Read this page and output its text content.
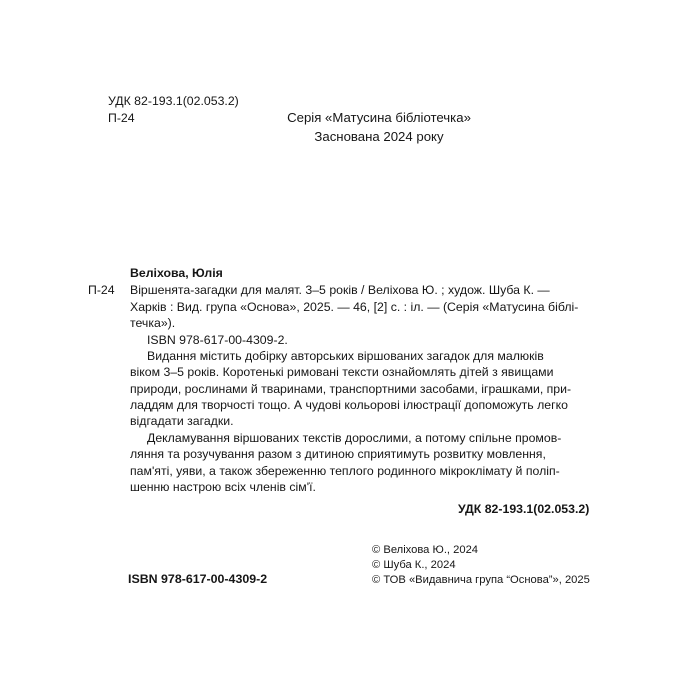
УДК 82-193.1(02.053.2)
П-24	Серія «Матусина бібліотечка»
Заснована 2024 року
Веліхова, Юлія
П-24 Віршенята-загадки для малят. 3–5 років / Веліхова Ю. ; худож. Шуба К. —
Харків : Вид. група «Основа», 2025. — 46, [2] с. : іл. — (Серія «Матусина біблі‑
течка»).
ISBN 978-617-00-4309-2.
Видання містить добірку авторських віршованих загадок для малюків
віком 3–5 років. Коротенькі римовані тексти ознайомлять дітей з явищами
природи, рослинами й тваринами, транспортними засобами, іграшками, при-
ладдям для творчості тощо. А чудові кольорові ілюстрації допоможуть легко
відгадати загадки.
Декламування віршованих текстів дорослими, а потому спільне промов-
ляння та розучування разом з дитиною сприятимуть розвитку мовлення,
пам'яті, уяви, а також збереженню теплого родинного мікроклімату й поліп-
шенню настрою всіх членів сім'ї.
УДК 82-193.1(02.053.2)
ISBN 978-617-00-4309-2
© Веліхова Ю., 2024
© Шуба К., 2024
© ТОВ «Видавнича група “Основа”», 2025
